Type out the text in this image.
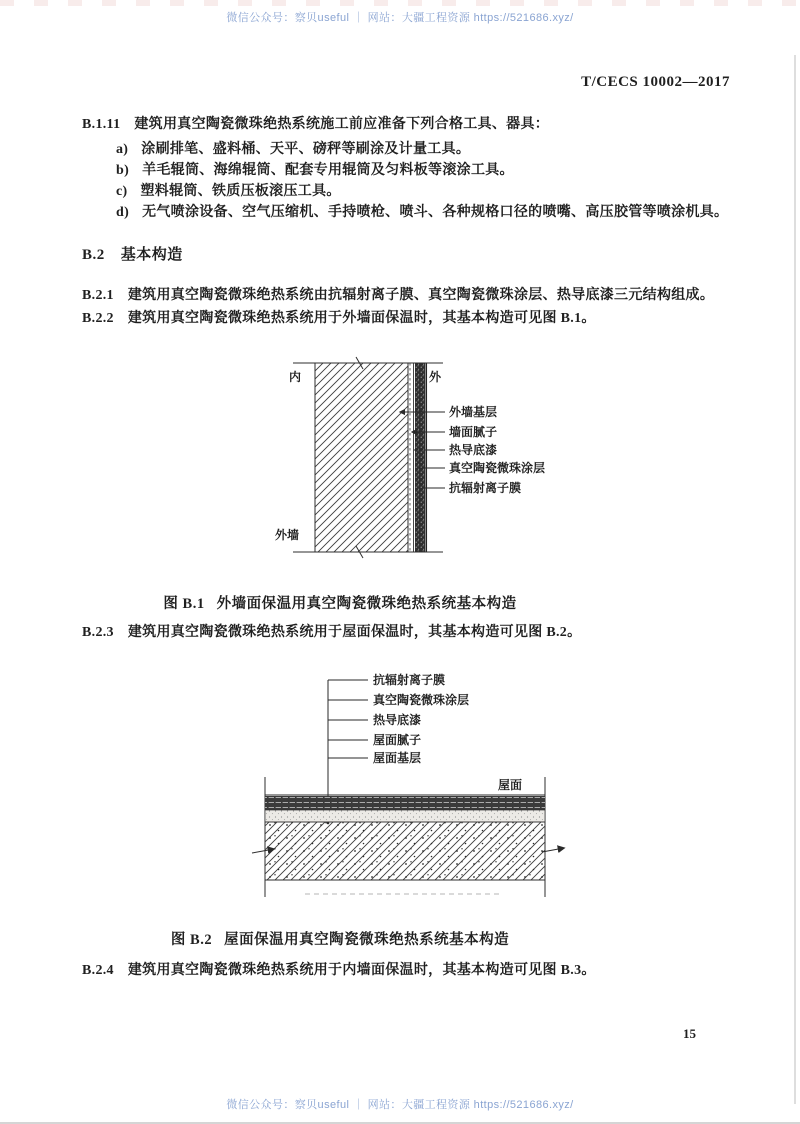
微信公众号：察贝useful ｜ 网站：大疆工程资源 https://521686.xyz/
T/CECS 10002—2017
B.1.11 建筑用真空陶瓷微珠绝热系统施工前应准备下列合格工具、器具：
a) 涂刷排笔、盛料桶、天平、磅秤等刷涂及计量工具。
b) 羊毛辊筒、海绵辊筒、配套专用辊筒及匀料板等滚涂工具。
c) 塑料辊筒、铁质压板滚压工具。
d) 无气喷涂设备、空气压缩机、手持喷枪、喷斗、各种规格口径的喷嘴、高压胶管等喷涂机具。
B.2 基本构造
B.2.1 建筑用真空陶瓷微珠绝热系统由抗辐射离子膜、真空陶瓷微珠涂层、热导底漆三元结构组成。
B.2.2 建筑用真空陶瓷微珠绝热系统用于外墙面保温时，其基本构造可见图 B.1。
内	外
外墙
外墙基层
墙面腻子
热导底漆
真空陶瓷微珠涂层
抗辐射离子膜
图 B.1 外墙面保温用真空陶瓷微珠绝热系统基本构造
B.2.3 建筑用真空陶瓷微珠绝热系统用于屋面保温时，其基本构造可见图 B.2。
抗辐射离子膜
真空陶瓷微珠涂层
热导底漆
屋面腻子
屋面基层
屋面
图 B.2 屋面保温用真空陶瓷微珠绝热系统基本构造
B.2.4 建筑用真空陶瓷微珠绝热系统用于内墙面保温时，其基本构造可见图 B.3。
15
微信公众号：察贝useful ｜ 网站：大疆工程资源 https://521686.xyz/
